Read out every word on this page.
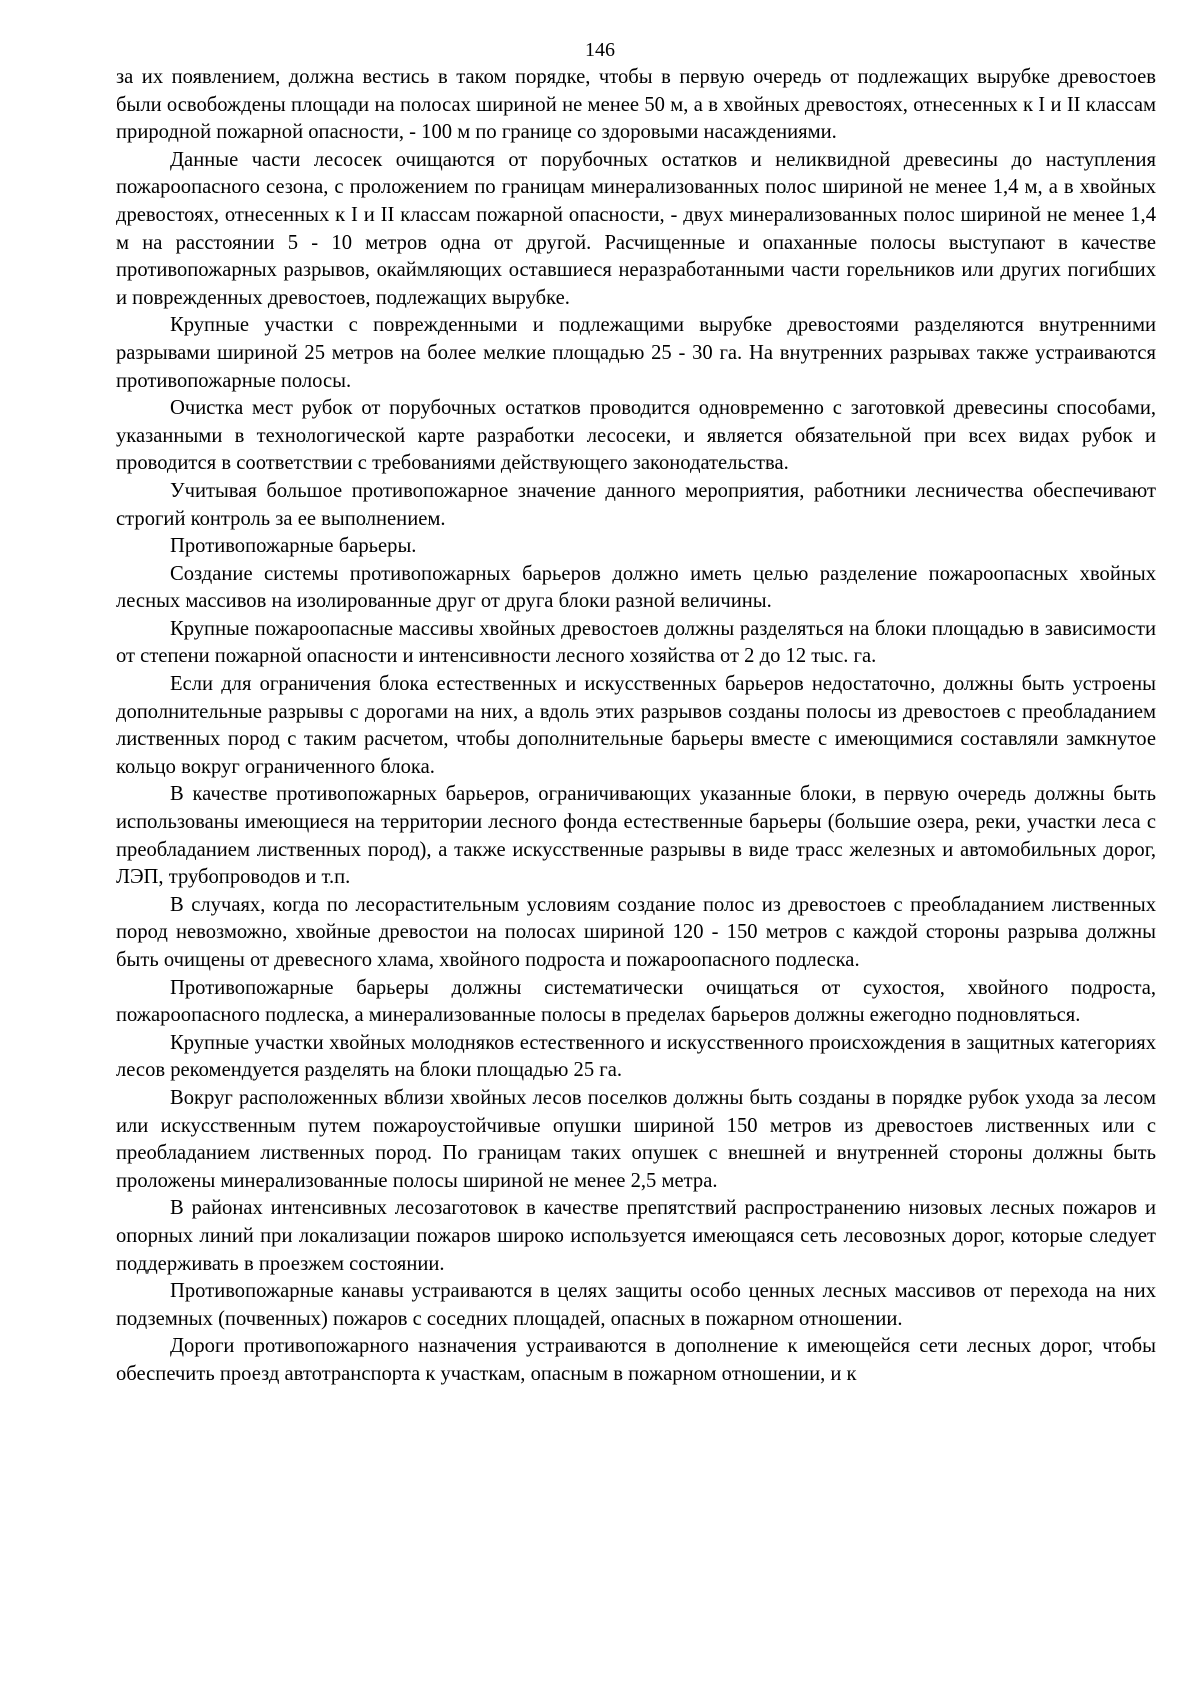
146

за их появлением, должна вестись в таком порядке, чтобы в первую очередь от подлежащих вырубке древостоев были освобождены площади на полосах шириной не менее 50 м, а в хвойных древостоях, отнесенных к I и II классам природной пожарной опасности, - 100 м по границе со здоровыми насаждениями.

Данные части лесосек очищаются от порубочных остатков и неликвидной древесины до наступления пожароопасного сезона, с проложением по границам минерализованных полос шириной не менее 1,4 м, а в хвойных древостоях, отнесенных к I и II классам пожарной опасности, - двух минерализованных полос шириной не менее 1,4 м на расстоянии 5 - 10 метров одна от другой. Расчищенные и опаханные полосы выступают в качестве противопожарных разрывов, окаймляющих оставшиеся неразработанными части горельников или других погибших и поврежденных древостоев, подлежащих вырубке.

Крупные участки с поврежденными и подлежащими вырубке древостоями разделяются внутренними разрывами шириной 25 метров на более мелкие площадью 25 - 30 га. На внутренних разрывах также устраиваются противопожарные полосы.

Очистка мест рубок от порубочных остатков проводится одновременно с заготовкой древесины способами, указанными в технологической карте разработки лесосеки, и является обязательной при всех видах рубок и проводится в соответствии с требованиями действующего законодательства.

Учитывая большое противопожарное значение данного мероприятия, работники лесничества обеспечивают строгий контроль за ее выполнением.

Противопожарные барьеры.

Создание системы противопожарных барьеров должно иметь целью разделение пожароопасных хвойных лесных массивов на изолированные друг от друга блоки разной величины.

Крупные пожароопасные массивы хвойных древостоев должны разделяться на блоки площадью в зависимости от степени пожарной опасности и интенсивности лесного хозяйства от 2 до 12 тыс. га.

Если для ограничения блока естественных и искусственных барьеров недостаточно, должны быть устроены дополнительные разрывы с дорогами на них, а вдоль этих разрывов созданы полосы из древостоев с преобладанием лиственных пород с таким расчетом, чтобы дополнительные барьеры вместе с имеющимися составляли замкнутое кольцо вокруг ограниченного блока.

В качестве противопожарных барьеров, ограничивающих указанные блоки, в первую очередь должны быть использованы имеющиеся на территории лесного фонда естественные барьеры (большие озера, реки, участки леса с преобладанием лиственных пород), а также искусственные разрывы в виде трасс железных и автомобильных дорог, ЛЭП, трубопроводов и т.п.

В случаях, когда по лесорастительным условиям создание полос из древостоев с преобладанием лиственных пород невозможно, хвойные древостои на полосах шириной 120 - 150 метров с каждой стороны разрыва должны быть очищены от древесного хлама, хвойного подроста и пожароопасного подлеска.

Противопожарные барьеры должны систематически очищаться от сухостоя, хвойного подроста, пожароопасного подлеска, а минерализованные полосы в пределах барьеров должны ежегодно подновляться.

Крупные участки хвойных молодняков естественного и искусственного происхождения в защитных категориях лесов рекомендуется разделять на блоки площадью 25 га.

Вокруг расположенных вблизи хвойных лесов поселков должны быть созданы в порядке рубок ухода за лесом или искусственным путем пожароустойчивые опушки шириной 150 метров из древостоев лиственных или с преобладанием лиственных пород. По границам таких опушек с внешней и внутренней стороны должны быть проложены минерализованные полосы шириной не менее 2,5 метра.

В районах интенсивных лесозаготовок в качестве препятствий распространению низовых лесных пожаров и опорных линий при локализации пожаров широко используется имеющаяся сеть лесовозных дорог, которые следует поддерживать в проезжем состоянии.

Противопожарные канавы устраиваются в целях защиты особо ценных лесных массивов от перехода на них подземных (почвенных) пожаров с соседних площадей, опасных в пожарном отношении.

Дороги противопожарного назначения устраиваются в дополнение к имеющейся сети лесных дорог, чтобы обеспечить проезд автотранспорта к участкам, опасным в пожарном отношении, и к
